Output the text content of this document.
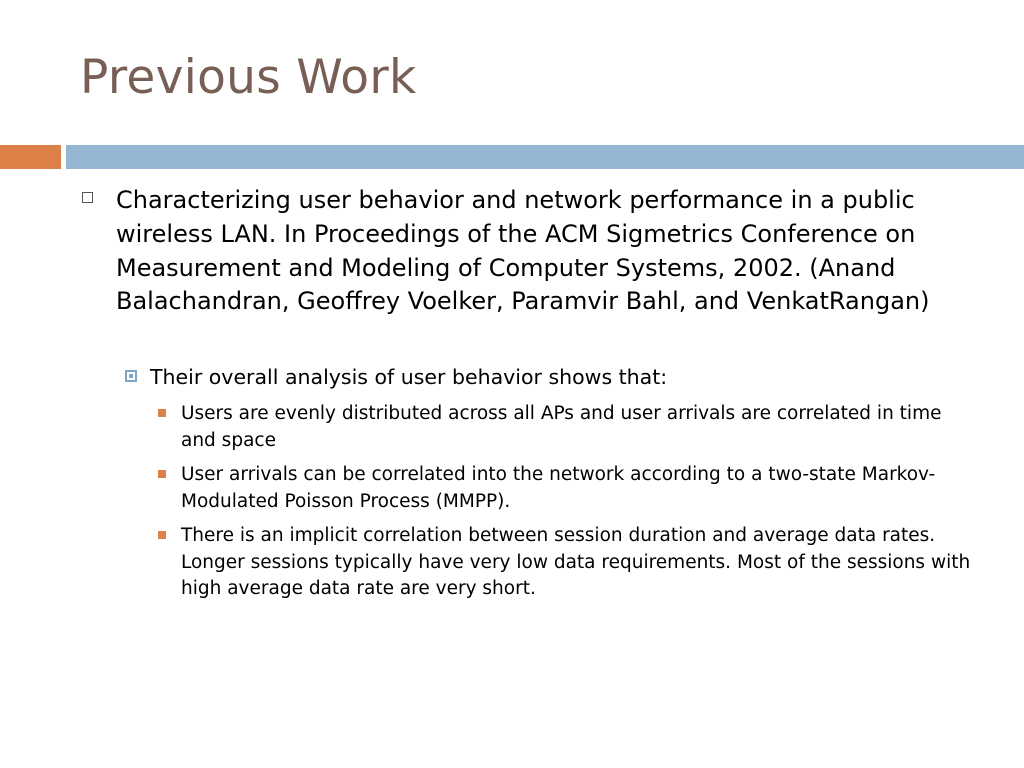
Previous Work
Characterizing user behavior and network performance in a public wireless LAN. In Proceedings of the ACM Sigmetrics Conference on Measurement and Modeling of Computer Systems, 2002. (Anand Balachandran, Geoffrey Voelker, Paramvir Bahl, and VenkatRangan)
Their overall analysis of user behavior shows that:
Users are evenly distributed across all APs and user arrivals are correlated in time and space
User arrivals can be correlated into the network according to a two-state Markov-Modulated Poisson Process (MMPP).
There is an implicit correlation between session duration and average data rates. Longer sessions typically have very low data requirements. Most of the sessions with high average data rate are very short.
